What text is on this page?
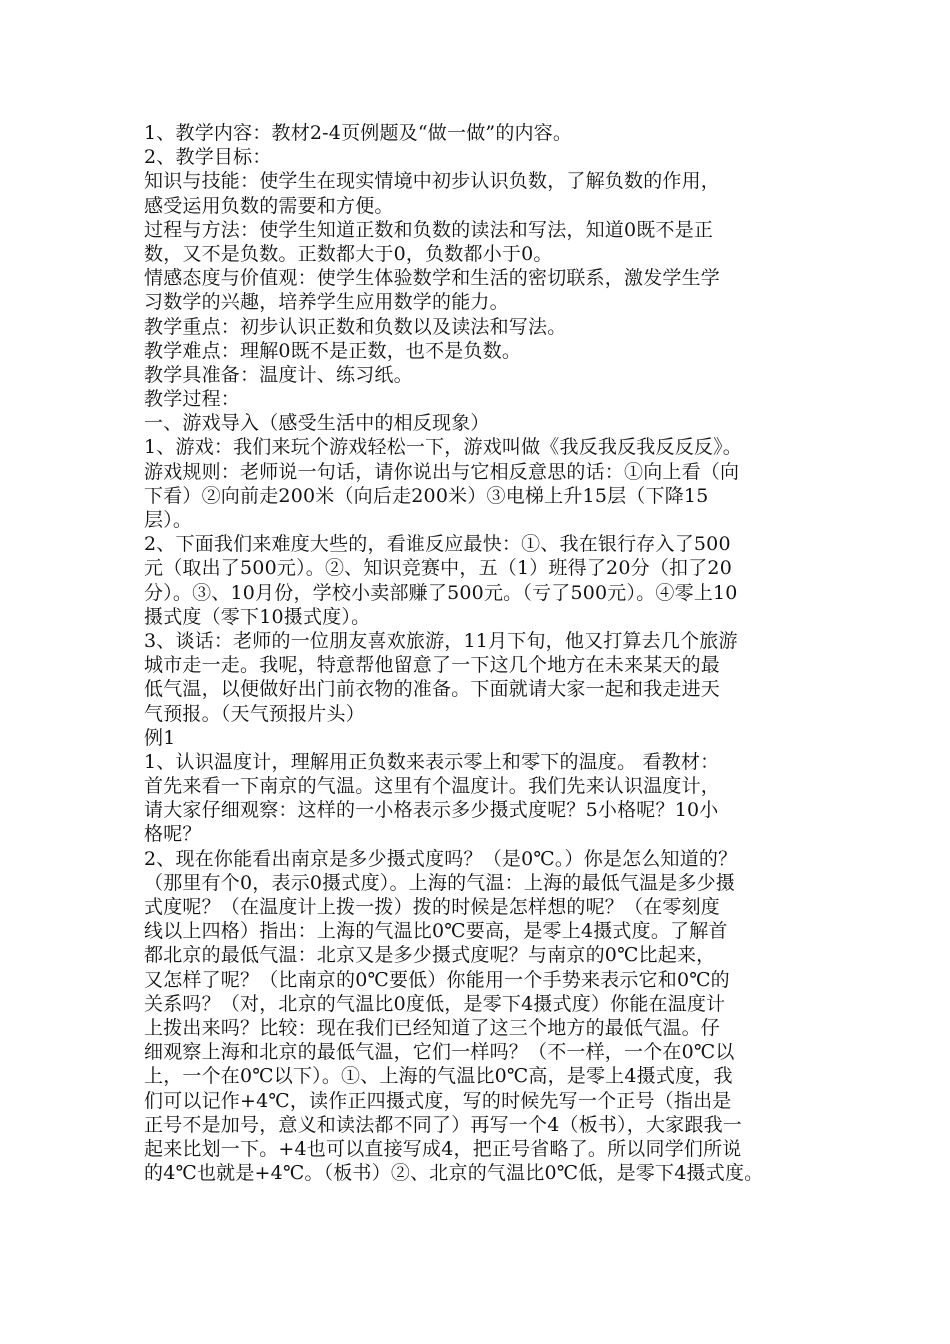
1、教学内容：教材2-4页例题及“做一做”的内容。
2、教学目标：
知识与技能：使学生在现实情境中初步认识负数，了解负数的作用，
感受运用负数的需要和方便。
过程与方法：使学生知道正数和负数的读法和写法，知道0既不是正
数，又不是负数。正数都大于0，负数都小于0。
情感态度与价值观：使学生体验数学和生活的密切联系，激发学生学
习数学的兴趣，培养学生应用数学的能力。
教学重点：初步认识正数和负数以及读法和写法。
教学难点：理解0既不是正数，也不是负数。
教学具准备：温度计、练习纸。
教学过程：
一、游戏导入（感受生活中的相反现象）
1、游戏：我们来玩个游戏轻松一下，游戏叫做《我反我反我反反反》。
游戏规则：老师说一句话，请你说出与它相反意思的话：①向上看（向
下看）②向前走200米（向后走200米）③电梯上升15层（下降15
层）。
2、下面我们来难度大些的，看谁反应最快：①、我在银行存入了500
元（取出了500元）。②、知识竞赛中，五（1）班得了20分（扣了20
分）。③、10月份，学校小卖部赚了500元。（亏了500元）。④零上10
摄式度（零下10摄式度）。
3、谈话：老师的一位朋友喜欢旅游，11月下旬，他又打算去几个旅游
城市走一走。我呢，特意帮他留意了一下这几个地方在未来某天的最
低气温，以便做好出门前衣物的准备。下面就请大家一起和我走进天
气预报。（天气预报片头）
例1
1、认识温度计，理解用正负数来表示零上和零下的温度。 看教材：
首先来看一下南京的气温。这里有个温度计。我们先来认识温度计，
请大家仔细观察：这样的一小格表示多少摄式度呢？5小格呢？10小
格呢？
2、现在你能看出南京是多少摄式度吗？（是0℃。）你是怎么知道的？
（那里有个0，表示0摄式度）。上海的气温：上海的最低气温是多少摄
式度呢？（在温度计上拨一拨）拨的时候是怎样想的呢？（在零刻度
线以上四格）指出：上海的气温比0℃要高，是零上4摄式度。了解首
都北京的最低气温：北京又是多少摄式度呢？与南京的0℃比起来，
又怎样了呢？（比南京的0℃要低）你能用一个手势来表示它和0℃的
关系吗？（对，北京的气温比0度低，是零下4摄式度）你能在温度计
上拨出来吗？比较：现在我们已经知道了这三个地方的最低气温。仔
细观察上海和北京的最低气温，它们一样吗？（不一样，一个在0℃以
上，一个在0℃以下）。①、上海的气温比0℃高，是零上4摄式度，我
们可以记作+4℃，读作正四摄式度，写的时候先写一个正号（指出是
正号不是加号，意义和读法都不同了）再写一个4（板书），大家跟我一
起来比划一下。+4也可以直接写成4，把正号省略了。所以同学们所说
的4℃也就是+4℃。（板书）②、北京的气温比0℃低，是零下4摄式度。
